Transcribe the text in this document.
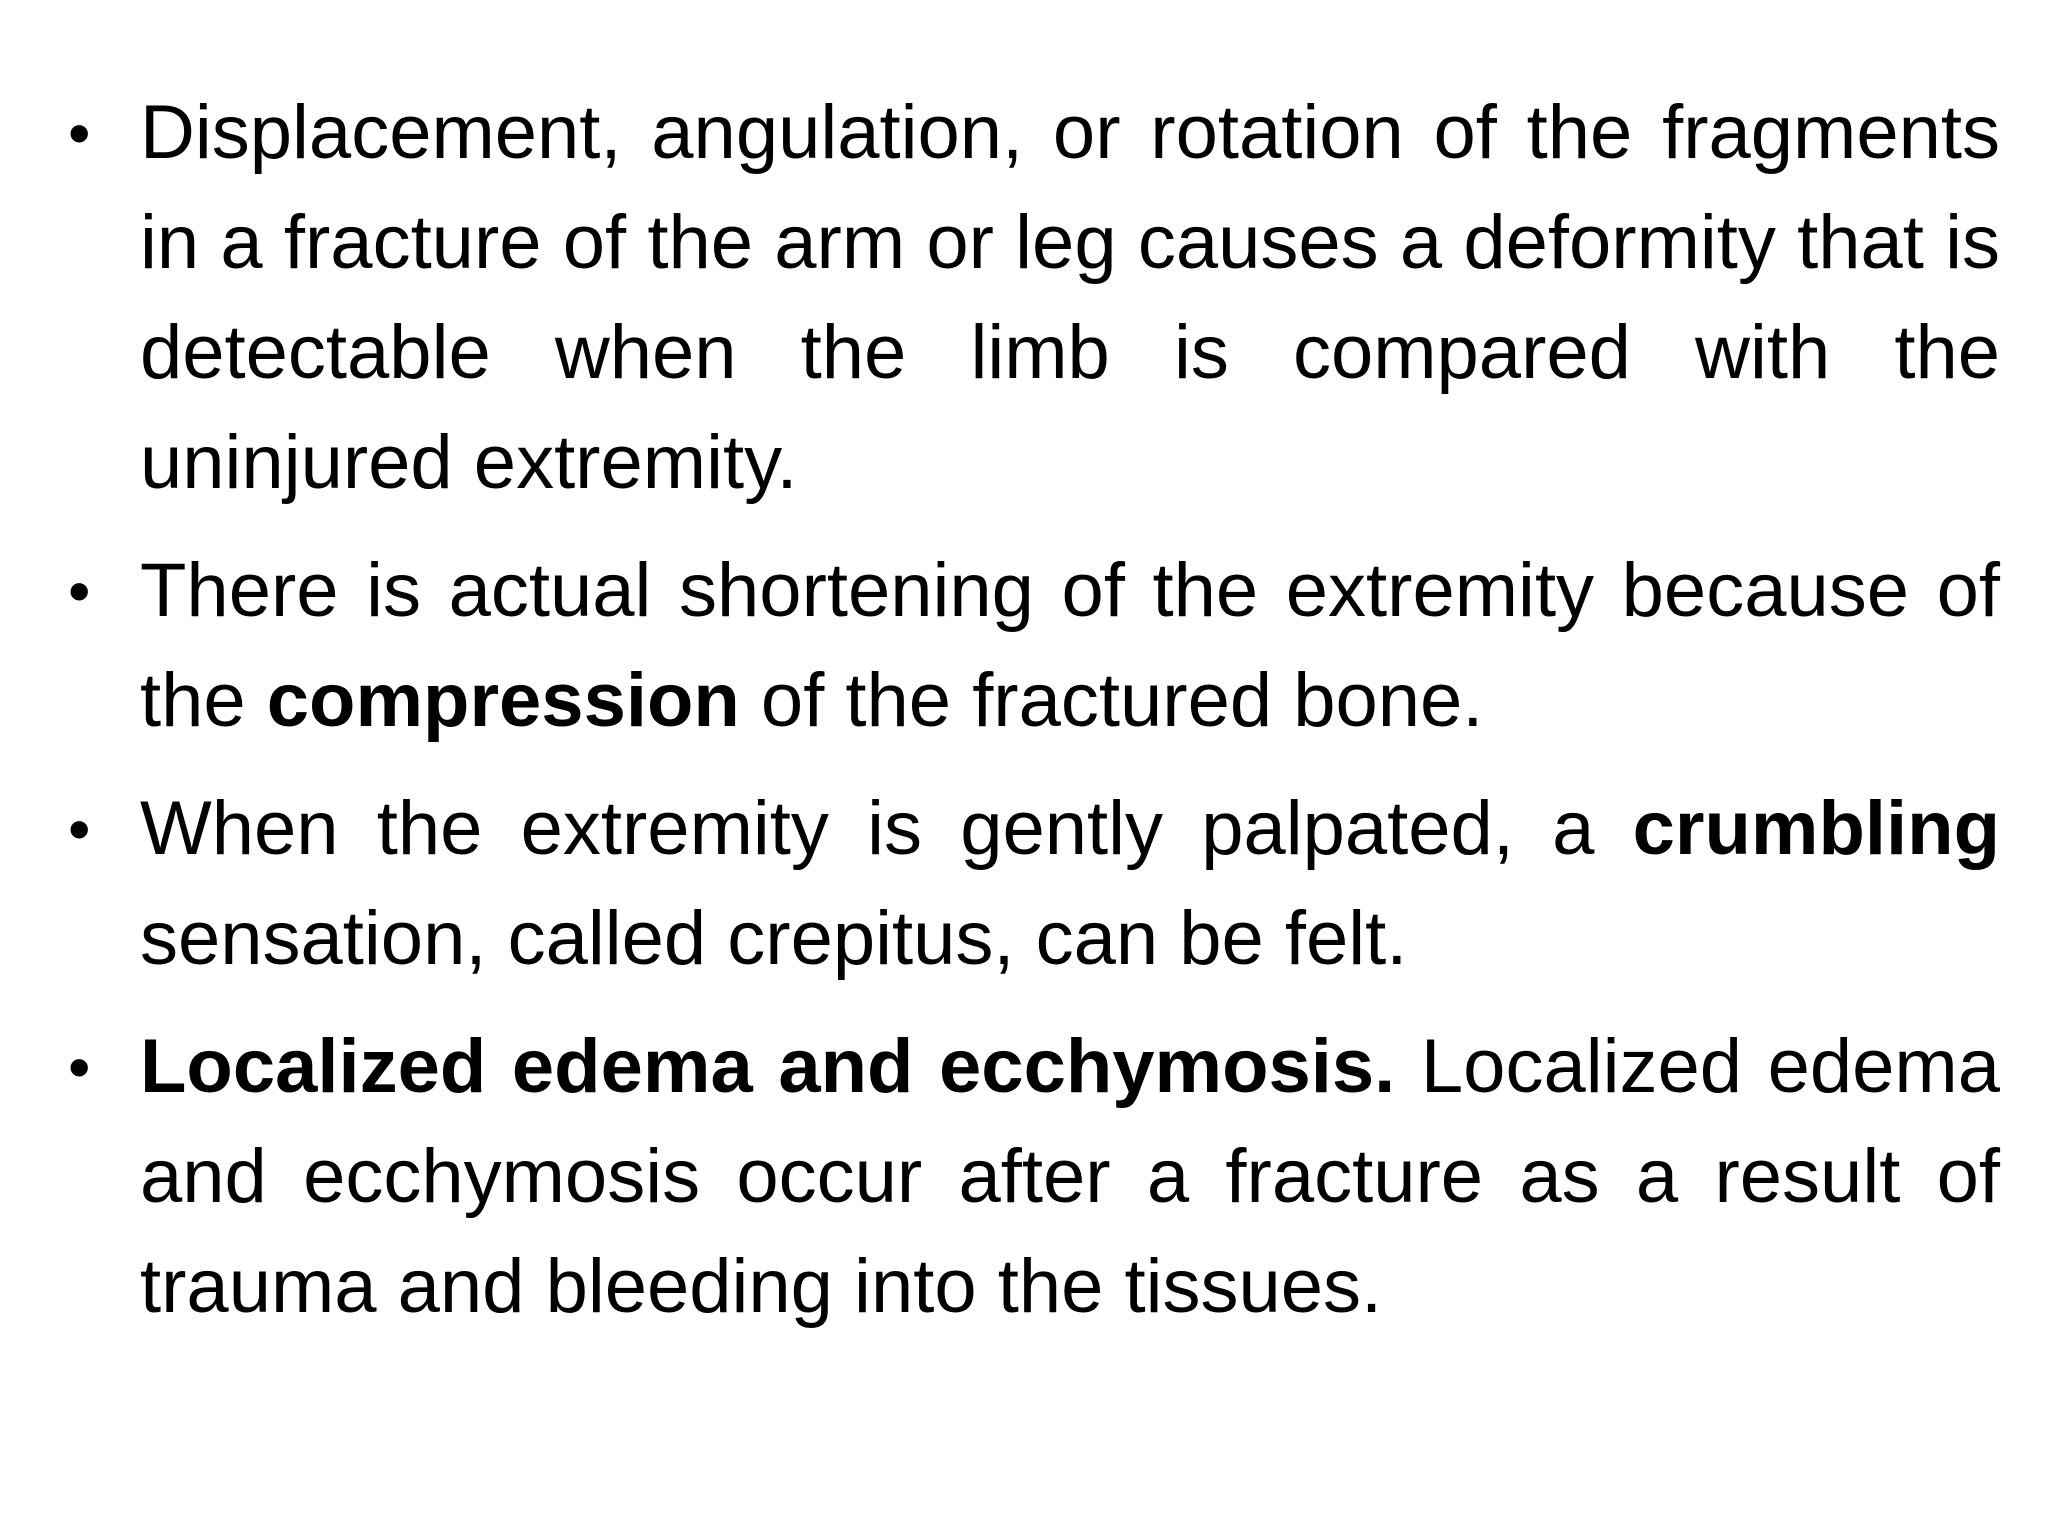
• Displacement, angulation, or rotation of the fragments in a fracture of the arm or leg causes a deformity that is detectable when the limb is compared with the uninjured extremity.
• There is actual shortening of the extremity because of the compression of the fractured bone.
• When the extremity is gently palpated, a crumbling sensation, called crepitus, can be felt.
• Localized edema and ecchymosis. Localized edema and ecchymosis occur after a fracture as a result of trauma and bleeding into the tissues.
